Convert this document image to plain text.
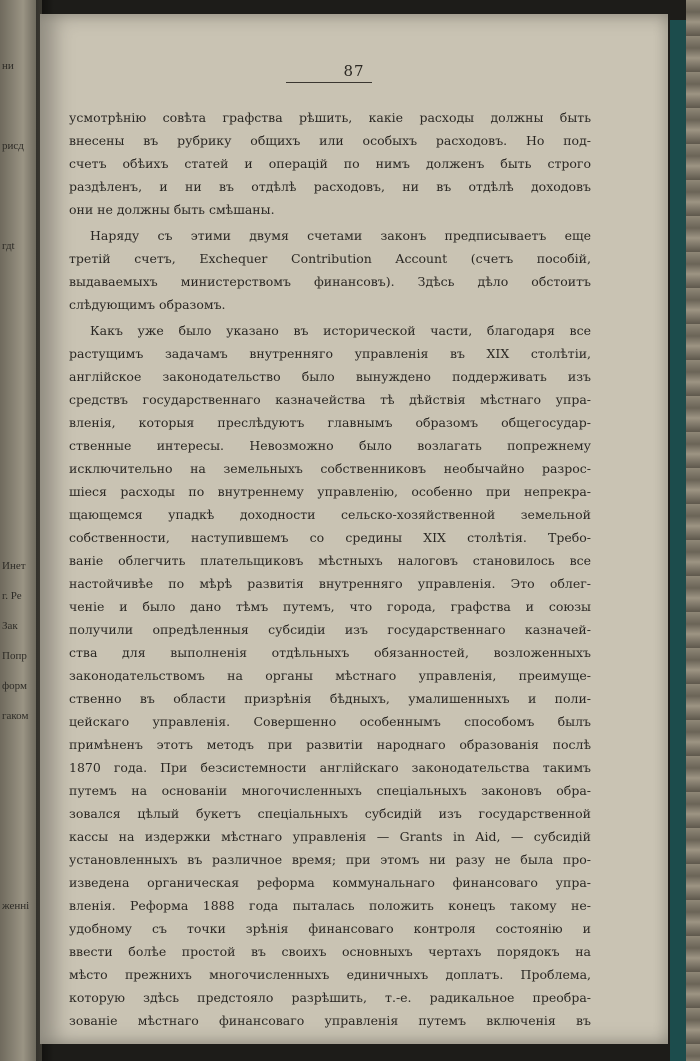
ни
рисд
гдt
Инет
г. Ре
Зак
Попр
форм
гаком
женні
87
усмотрѣнію совѣта графства рѣшить, какіе расходы должны быть
внесены въ рубрику общихъ или особыхъ расходовъ. Но под-
счетъ обѣихъ статей и операцій по нимъ долженъ быть строго
раздѣленъ, и ни въ отдѣлѣ расходовъ, ни въ отдѣлѣ доходовъ
они не должны быть смѣшаны.
Наряду съ этими двумя счетами законъ предписываетъ еще
третій счетъ, Exchequer Contribution Account (счетъ пособій,
выдаваемыхъ министерствомъ финансовъ). Здѣсь дѣло обстоитъ
слѣдующимъ образомъ.
Какъ уже было указано въ исторической части, благодаря все
растущимъ задачамъ внутренняго управленія въ XIX столѣтіи,
англійское законодательство было вынуждено поддерживать изъ
средствъ государственнаго казначейства тѣ дѣйствія мѣстнаго упра-
вленія, которыя преслѣдуютъ главнымъ образомъ общегосудар-
ственные интересы. Невозможно было возлагать попрежнему
исключительно на земельныхъ собственниковъ необычайно разрос-
шіеся расходы по внутреннему управленію, особенно при непрекра-
щающемся упадкѣ доходности сельско-хозяйственной земельной
собственности, наступившемъ со средины XIX столѣтія. Требо-
ваніе облегчить плательщиковъ мѣстныхъ налоговъ становилось все
настойчивѣе по мѣрѣ развитія внутренняго управленія. Это облег-
ченіе и было дано тѣмъ путемъ, что города, графства и союзы
получили опредѣленныя субсидіи изъ государственнаго казначей-
ства для выполненія отдѣльныхъ обязанностей, возложенныхъ
законодательствомъ на органы мѣстнаго управленія, преимуще-
ственно въ области призрѣнія бѣдныхъ, умалишенныхъ и поли-
цейскаго управленія. Совершенно особеннымъ способомъ былъ
примѣненъ этотъ методъ при развитіи народнаго образованія послѣ
1870 года. При безсистемности англійскаго законодательства такимъ
путемъ на основаніи многочисленныхъ спеціальныхъ законовъ обра-
зовался цѣлый букетъ спеціальныхъ субсидій изъ государственной
кассы на издержки мѣстнаго управленія — Grants in Aid, — субсидій
установленныхъ въ различное время; при этомъ ни разу не была про-
изведена органическая реформа коммунальнаго финансоваго упра-
вленія. Реформа 1888 года пыталась положить конецъ такому не-
удобному съ точки зрѣнія финансоваго контроля состоянію и
ввести болѣе простой въ своихъ основныхъ чертахъ порядокъ на
мѣсто прежнихъ многочисленныхъ единичныхъ доплатъ. Проблема,
которую здѣсь предстояло разрѣшить, т.-е. радикальное преобра-
зованіе мѣстнаго финансоваго управленія путемъ включенія въ
